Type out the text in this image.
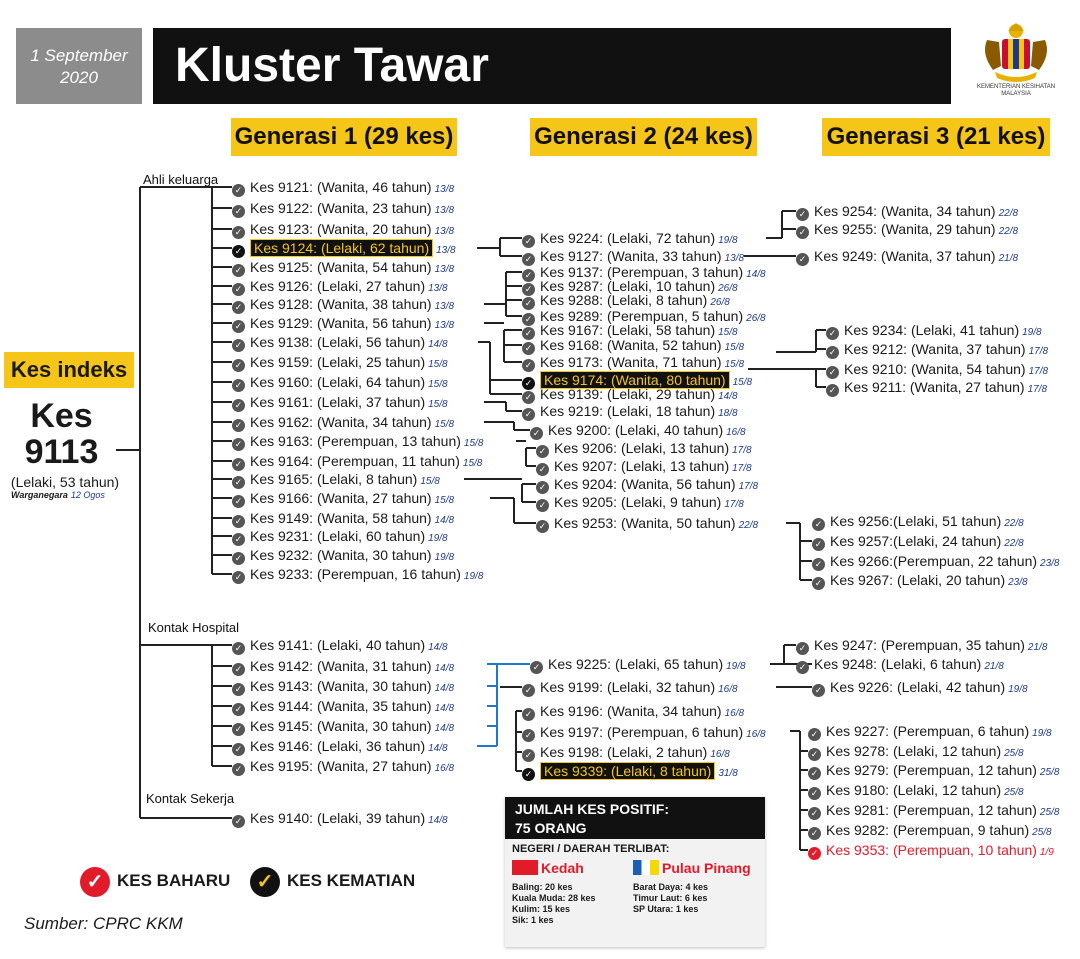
1 September 2020	Kluster Tawar	KEMENTERIAN KESIHATAN MALAYSIA
Generasi 1 (29 kes)	Generasi 2 (24 kes)	Generasi 3 (21 kes)
Ahli keluarga
Kontak Hospital
Kontak Sekerja
Kes indeks
Kes 9113
(Lelaki, 53 tahun)
Warganegara 12 Ogos
✓ Kes 9121: (Wanita, 46 tahun) 13/8
✓ Kes 9122: (Wanita, 23 tahun) 13/8
✓ Kes 9123: (Wanita, 20 tahun) 13/8
✓ Kes 9124: (Lelaki, 62 tahun) 13/8
✓ Kes 9125: (Wanita, 54 tahun) 13/8
✓ Kes 9126: (Lelaki, 27 tahun) 13/8
✓ Kes 9128: (Wanita, 38 tahun) 13/8
✓ Kes 9129: (Wanita, 56 tahun) 13/8
✓ Kes 9138: (Lelaki, 56 tahun) 14/8
✓ Kes 9159: (Lelaki, 25 tahun) 15/8
✓ Kes 9160: (Lelaki, 64 tahun) 15/8
✓ Kes 9161: (Lelaki, 37 tahun) 15/8
✓ Kes 9162: (Wanita, 34 tahun) 15/8
✓ Kes 9163: (Perempuan, 13 tahun) 15/8
✓ Kes 9164: (Perempuan, 11 tahun) 15/8
✓ Kes 9165: (Lelaki, 8 tahun) 15/8
✓ Kes 9166: (Wanita, 27 tahun) 15/8
✓ Kes 9149: (Wanita, 58 tahun) 14/8
✓ Kes 9231: (Lelaki, 60 tahun) 19/8
✓ Kes 9232: (Wanita, 30 tahun) 19/8
✓ Kes 9233: (Perempuan, 16 tahun) 19/8
✓ Kes 9141: (Lelaki, 40 tahun) 14/8
✓ Kes 9142: (Wanita, 31 tahun) 14/8
✓ Kes 9143: (Wanita, 30 tahun) 14/8
✓ Kes 9144: (Wanita, 35 tahun) 14/8
✓ Kes 9145: (Wanita, 30 tahun) 14/8
✓ Kes 9146: (Lelaki, 36 tahun) 14/8
✓ Kes 9195: (Wanita, 27 tahun) 16/8
✓ Kes 9140: (Lelaki, 39 tahun) 14/8
✓ Kes 9224: (Lelaki, 72 tahun) 19/8
✓ Kes 9127: (Wanita, 33 tahun) 13/8
✓ Kes 9137: (Perempuan, 3 tahun) 14/8
✓ Kes 9287: (Lelaki, 10 tahun) 26/8
✓ Kes 9288: (Lelaki, 8 tahun) 26/8
✓ Kes 9289: (Perempuan, 5 tahun) 26/8
✓ Kes 9167: (Lelaki, 58 tahun) 15/8
✓ Kes 9168: (Wanita, 52 tahun) 15/8
✓ Kes 9173: (Wanita, 71 tahun) 15/8
✓ Kes 9174: (Wanita, 80 tahun) 15/8
✓ Kes 9139: (Lelaki, 29 tahun) 14/8
✓ Kes 9219: (Lelaki, 18 tahun) 18/8
✓ Kes 9200: (Lelaki, 40 tahun) 16/8
✓ Kes 9206: (Lelaki, 13 tahun) 17/8
✓ Kes 9207: (Lelaki, 13 tahun) 17/8
✓ Kes 9204: (Wanita, 56 tahun) 17/8
✓ Kes 9205: (Lelaki, 9 tahun) 17/8
✓ Kes 9253: (Wanita, 50 tahun) 22/8
✓ Kes 9225: (Lelaki, 65 tahun) 19/8
✓ Kes 9199: (Lelaki, 32 tahun) 16/8
✓ Kes 9196: (Wanita, 34 tahun) 16/8
✓ Kes 9197: (Perempuan, 6 tahun) 16/8
✓ Kes 9198: (Lelaki, 2 tahun) 16/8
✓ Kes 9339: (Lelaki, 8 tahun) 31/8
✓ Kes 9254: (Wanita, 34 tahun) 22/8
✓ Kes 9255: (Wanita, 29 tahun) 22/8
✓ Kes 9249: (Wanita, 37 tahun) 21/8
✓ Kes 9234: (Lelaki, 41 tahun) 19/8
✓ Kes 9212: (Wanita, 37 tahun) 17/8
✓ Kes 9210: (Wanita, 54 tahun) 17/8
✓ Kes 9211: (Wanita, 27 tahun) 17/8
✓ Kes 9256:(Lelaki, 51 tahun) 22/8
✓ Kes 9257:(Lelaki, 24 tahun) 22/8
✓ Kes 9266:(Perempuan, 22 tahun) 23/8
✓ Kes 9267: (Lelaki, 20 tahun) 23/8
✓ Kes 9247: (Perempuan, 35 tahun) 21/8
✓ Kes 9248: (Lelaki, 6 tahun) 21/8
✓ Kes 9226: (Lelaki, 42 tahun) 19/8
✓ Kes 9227: (Perempuan, 6 tahun) 19/8
✓ Kes 9278: (Lelaki, 12 tahun) 25/8
✓ Kes 9279: (Perempuan, 12 tahun) 25/8
✓ Kes 9180: (Lelaki, 12 tahun) 25/8
✓ Kes 9281: (Perempuan, 12 tahun) 25/8
✓ Kes 9282: (Perempuan, 9 tahun) 25/8
✓ Kes 9353: (Perempuan, 10 tahun) 1/9
✓ KES BAHARU	✓ KES KEMATIAN
Sumber: CPRC KKM
JUMLAH KES POSITIF:
75 ORANG
NEGERI / DAERAH TERLIBAT:
Kedah
Baling: 20 kes
Kuala Muda: 28 kes
Kulim: 15 kes
Sik: 1 kes
Pulau Pinang
Barat Daya: 4 kes
Timur Laut: 6 kes
SP Utara: 1 kes
